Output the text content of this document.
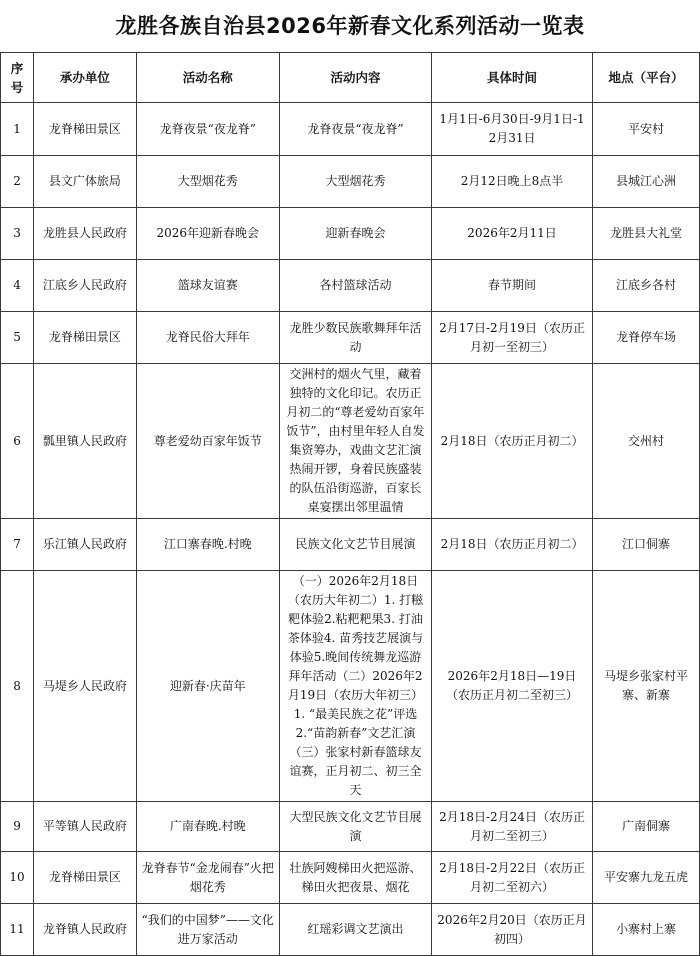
龙胜各族自治县2026年新春文化系列活动一览表
序号	承办单位	活动名称	活动内容	具体时间	地点（平台）
1	龙脊梯田景区	龙脊夜景“夜龙脊”	龙脊夜景“夜龙脊”	1月1日-6月30日-9月1日-12月31日	平安村
2	县文广体旅局	大型烟花秀	大型烟花秀	2月12日晚上8点半	县城江心洲
3	龙胜县人民政府	2026年迎新春晚会	迎新春晚会	2026年2月11日	龙胜县大礼堂
4	江底乡人民政府	篮球友谊赛	各村篮球活动	春节期间	江底乡各村
5	龙脊梯田景区	龙脊民俗大拜年	龙胜少数民族歌舞拜年活动	2月17日-2月19日（农历正月初一至初三）	龙脊停车场
6	瓢里镇人民政府	尊老爱幼百家年饭节	交洲村的烟火气里，藏着独特的文化印记。农历正月初二的“尊老爱幼百家年饭节”，由村里年轻人自发集资筹办，戏曲文艺汇演热闹开锣，身着民族盛装的队伍沿街巡游，百家长桌宴摆出邻里温情	2月18日（农历正月初二）	交州村
7	乐江镇人民政府	江口寨春晚.村晚	民族文化文艺节目展演	2月18日（农历正月初二）	江口侗寨
8	马堤乡人民政府	迎新春·庆苗年	（一）2026年2月18日（农历大年初二）1. 打糍粑体验2.粘粑粑果3. 打油茶体验4. 苗秀技艺展演与体验5.晚间传统舞龙巡游拜年活动（二）2026年2月19日（农历大年初三）1. “最美民族之花”评选2.“苗韵新春”文艺汇演（三）张家村新春篮球友谊赛，正月初二、初三全天	2026年2月18日—19日（农历正月初二至初三）	马堤乡张家村平寨、新寨
9	平等镇人民政府	广南春晚.村晚	大型民族文化文艺节目展演	2月18日-2月24日（农历正月初二至初三）	广南侗寨
10	龙脊梯田景区	龙脊春节“金龙闹春”火把烟花秀	壮族阿嫂梯田火把巡游、梯田火把夜景、烟花	2月18日-2月22日（农历正月初二至初六）	平安寨九龙五虎
11	龙脊镇人民政府	“我们的中国梦”——文化进万家活动	红瑶彩调文艺演出	2026年2月20日（农历正月初四）	小寨村上寨
